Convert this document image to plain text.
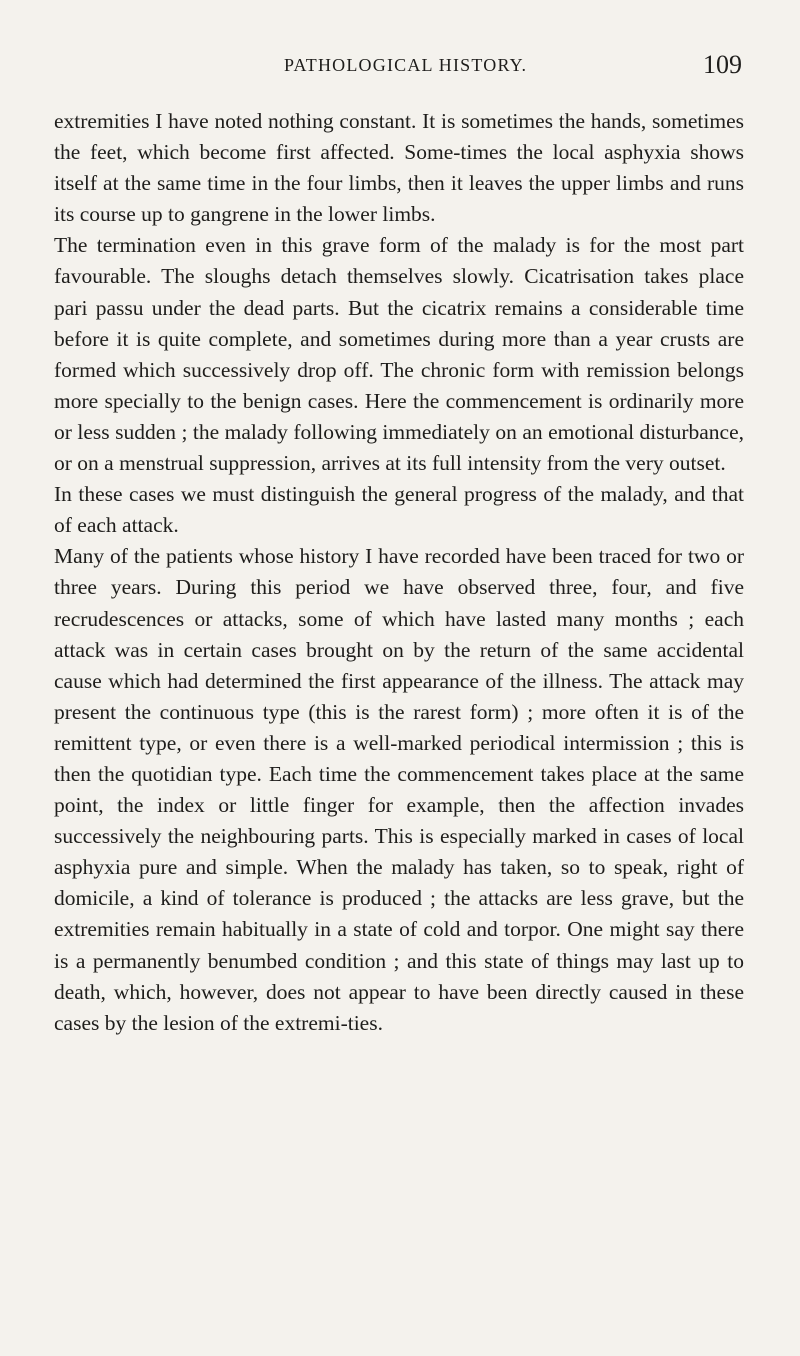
PATHOLOGICAL HISTORY.	109

extremities I have noted nothing constant. It is sometimes the hands, sometimes the feet, which become first affected. Some-times the local asphyxia shows itself at the same time in the four limbs, then it leaves the upper limbs and runs its course up to gangrene in the lower limbs.

The termination even in this grave form of the malady is for the most part favourable. The sloughs detach themselves slowly. Cicatrisation takes place pari passu under the dead parts. But the cicatrix remains a considerable time before it is quite complete, and sometimes during more than a year crusts are formed which successively drop off. The chronic form with remission belongs more specially to the benign cases. Here the commencement is ordinarily more or less sudden ; the malady following immediately on an emotional disturbance, or on a menstrual suppression, arrives at its full intensity from the very outset.

In these cases we must distinguish the general progress of the malady, and that of each attack.

Many of the patients whose history I have recorded have been traced for two or three years. During this period we have observed three, four, and five recrudescences or attacks, some of which have lasted many months ; each attack was in certain cases brought on by the return of the same accidental cause which had determined the first appearance of the illness. The attack may present the continuous type (this is the rarest form) ; more often it is of the remittent type, or even there is a well-marked periodical intermission ; this is then the quotidian type. Each time the commencement takes place at the same point, the index or little finger for example, then the affection invades successively the neighbouring parts. This is especially marked in cases of local asphyxia pure and simple. When the malady has taken, so to speak, right of domicile, a kind of tolerance is produced ; the attacks are less grave, but the extremities remain habitually in a state of cold and torpor. One might say there is a permanently benumbed condition ; and this state of things may last up to death, which, however, does not appear to have been directly caused in these cases by the lesion of the extremi-ties.
